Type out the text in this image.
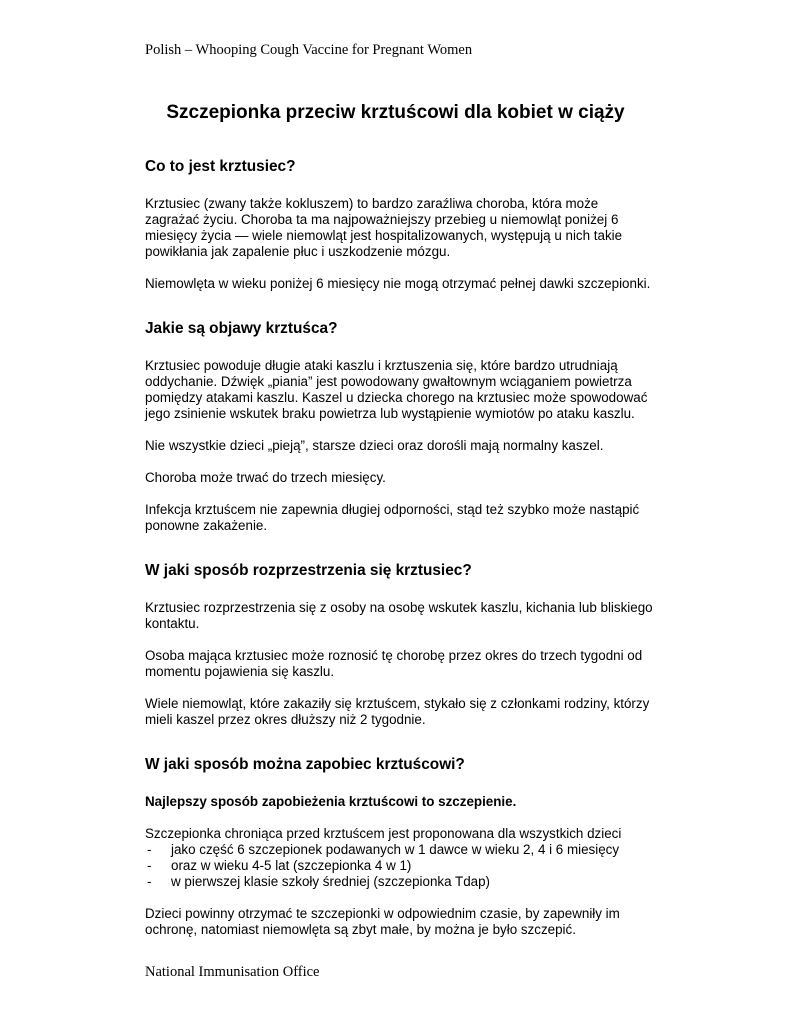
Polish – Whooping Cough Vaccine for Pregnant Women
Szczepionka przeciw krztuścowi dla kobiet w ciąży
Co to jest krztusiec?

Krztusiec (zwany także kokluszem) to bardzo zaraźliwa choroba, która może zagrażać życiu. Choroba ta ma najpoważniejszy przebieg u niemowląt poniżej 6 miesięcy życia — wiele niemowląt jest hospitalizowanych, występują u nich takie powikłania jak zapalenie płuc i uszkodzenie mózgu.

Niemowlęta w wieku poniżej 6 miesięcy nie mogą otrzymać pełnej dawki szczepionki.

Jakie są objawy krztuśca?

Krztusiec powoduje długie ataki kaszlu i krztuszenia się, które bardzo utrudniają oddychanie. Dźwięk „piania” jest powodowany gwałtownym wciąganiem powietrza pomiędzy atakami kaszlu. Kaszel u dziecka chorego na krztusiec może spowodować jego zsinienie wskutek braku powietrza lub wystąpienie wymiotów po ataku kaszlu.

Nie wszystkie dzieci „pieją”, starsze dzieci oraz dorośli mają normalny kaszel.

Choroba może trwać do trzech miesięcy.

Infekcja krztuścem nie zapewnia długiej odporności, stąd też szybko może nastąpić ponowne zakażenie.

W jaki sposób rozprzestrzenia się krztusiec?

Krztusiec rozprzestrzenia się z osoby na osobę wskutek kaszlu, kichania lub bliskiego kontaktu.

Osoba mająca krztusiec może roznosić tę chorobę przez okres do trzech tygodni od momentu pojawienia się kaszlu.

Wiele niemowląt, które zakaziły się krztuścem, stykało się z członkami rodziny, którzy mieli kaszel przez okres dłuższy niż 2 tygodnie.

W jaki sposób można zapobiec krztuścowi?

Najlepszy sposób zapobieżenia krztuścowi to szczepienie.

Szczepionka chroniąca przed krztuścem jest proponowana dla wszystkich dzieci

- jako część 6 szczepionek podawanych w 1 dawce w wieku 2, 4 i 6 miesięcy
- oraz w wieku 4-5 lat (szczepionka 4 w 1)
- w pierwszej klasie szkoły średniej (szczepionka Tdap)

Dzieci powinny otrzymać te szczepionki w odpowiednim czasie, by zapewniły im ochronę, natomiast niemowlęta są zbyt małe, by można je było szczepić.

National Immunisation Office
